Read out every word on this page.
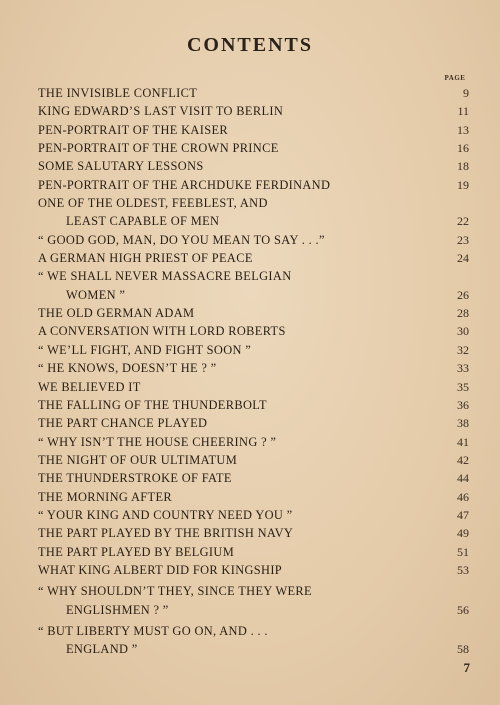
CONTENTS
PAGE
THE INVISIBLE CONFLICT	9
KING EDWARD’S LAST VISIT TO BERLIN	11
PEN-PORTRAIT OF THE KAISER	13
PEN-PORTRAIT OF THE CROWN PRINCE	16
SOME SALUTARY LESSONS	18
PEN-PORTRAIT OF THE ARCHDUKE FERDINAND	19
ONE OF THE OLDEST, FEEBLEST, AND
LEAST CAPABLE OF MEN	22
“ GOOD GOD, MAN, DO YOU MEAN TO SAY . . .”	23
A GERMAN HIGH PRIEST OF PEACE	24
“ WE SHALL NEVER MASSACRE BELGIAN
WOMEN ”	26
THE OLD GERMAN ADAM	28
A CONVERSATION WITH LORD ROBERTS	30
“ WE’LL FIGHT, AND FIGHT SOON ”	32
“ HE KNOWS, DOESN’T HE ? ”	33
WE BELIEVED IT	35
THE FALLING OF THE THUNDERBOLT	36
THE PART CHANCE PLAYED	38
“ WHY ISN’T THE HOUSE CHEERING ? ”	41
THE NIGHT OF OUR ULTIMATUM	42
THE THUNDERSTROKE OF FATE	44
THE MORNING AFTER	46
“ YOUR KING AND COUNTRY NEED YOU ”	47
THE PART PLAYED BY THE BRITISH NAVY	49
THE PART PLAYED BY BELGIUM	51
WHAT KING ALBERT DID FOR KINGSHIP	53
“ WHY SHOULDN’T THEY, SINCE THEY WERE
ENGLISHMEN ? ”	56
“ BUT LIBERTY MUST GO ON, AND . . .
ENGLAND ”	58
7
